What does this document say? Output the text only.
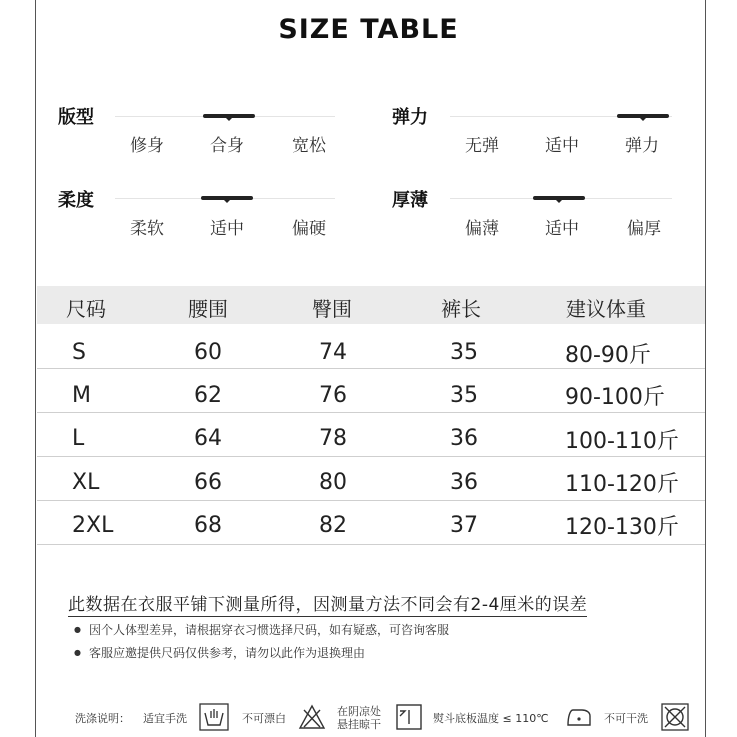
SIZE TABLE
版型
修身	合身	宽松
弹力
无弹	适中	弹力
柔度
柔软	适中	偏硬
厚薄
偏薄	适中	偏厚
尺码	腰围	臀围	裤长	建议体重
S	60	74	35	80-90斤
M	62	76	35	90-100斤
L	64	78	36	100-110斤
XL	66	80	36	110-120斤
2XL	68	82	37	120-130斤
此数据在衣服平铺下测量所得，因测量方法不同会有2-4厘米的误差
● 因个人体型差异，请根据穿衣习惯选择尺码，如有疑惑，可咨询客服
● 客服应邀提供尺码仅供参考，请勿以此作为退换理由
洗涤说明： 适宜手洗	不可漂白
在阴凉处
悬挂晾干	熨斗底板温度 ≤ 110℃	不可干洗
